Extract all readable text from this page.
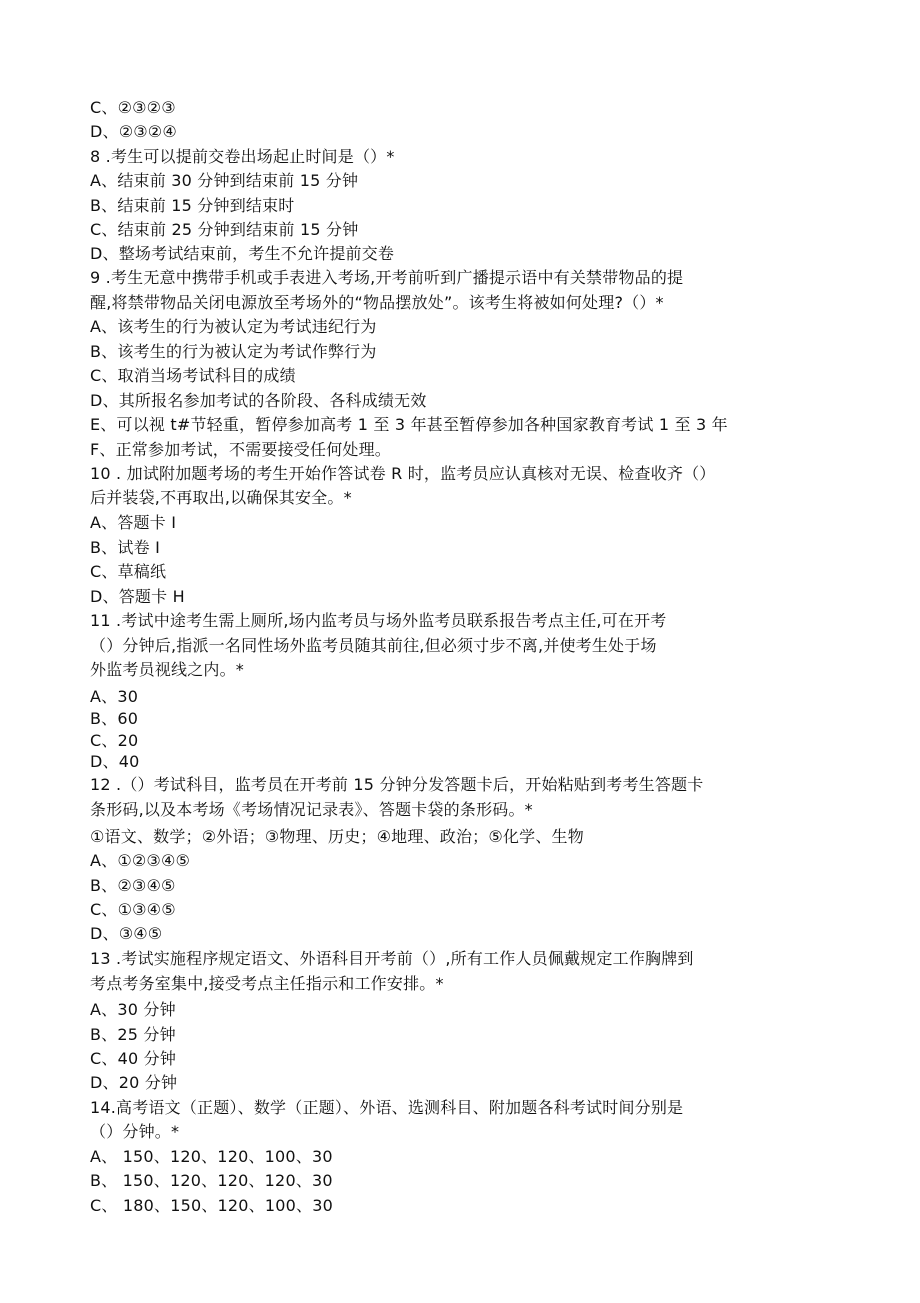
C、②③②③
D、②③②④
8 .考生可以提前交卷出场起止时间是（）*
A、结束前 30 分钟到结束前 15 分钟
B、结束前 15 分钟到结束时
C、结束前 25 分钟到结束前 15 分钟
D、整场考试结束前，考生不允许提前交卷
9 .考生无意中携带手机或手表进入考场,开考前听到广播提示语中有关禁带物品的提
醒,将禁带物品关闭电源放至考场外的“物品摆放处”。该考生将被如何处理?（）*
A、该考生的行为被认定为考试违纪行为
B、该考生的行为被认定为考试作弊行为
C、取消当场考试科目的成绩
D、其所报名参加考试的各阶段、各科成绩无效
E、可以视 t#节轻重，暂停参加高考 1 至 3 年甚至暂停参加各种国家教育考试 1 至 3 年
F、正常参加考试，不需要接受任何处理。
10 . 加试附加题考场的考生开始作答试卷 R 时，监考员应认真核对无误、检查收齐（）
后并装袋,不再取出,以确保其安全。*
A、答题卡 I
B、试卷 I
C、草稿纸
D、答题卡 H
11 .考试中途考生需上厕所,场内监考员与场外监考员联系报告考点主任,可在开考
（）分钟后,指派一名同性场外监考员随其前往,但必须寸步不离,并使考生处于场
外监考员视线之内。*
A、30
B、60
C、20
D、40
12 .（）考试科目，监考员在开考前 15 分钟分发答题卡后，开始粘贴到考考生答题卡
条形码,以及本考场《考场情况记录表》、答题卡袋的条形码。*
①语文、数学；②外语；③物理、历史；④地理、政治；⑤化学、生物
A、①②③④⑤
B、②③④⑤
C、①③④⑤
D、③④⑤
13 .考试实施程序规定语文、外语科目开考前（）,所有工作人员佩戴规定工作胸牌到
考点考务室集中,接受考点主任指示和工作安排。*
A、30 分钟
B、25 分钟
C、40 分钟
D、20 分钟
14.高考语文（正题）、数学（正题）、外语、选测科目、附加题各科考试时间分别是
（）分钟。*
A、 150、120、120、100、30
B、 150、120、120、120、30
C、 180、150、120、100、30
